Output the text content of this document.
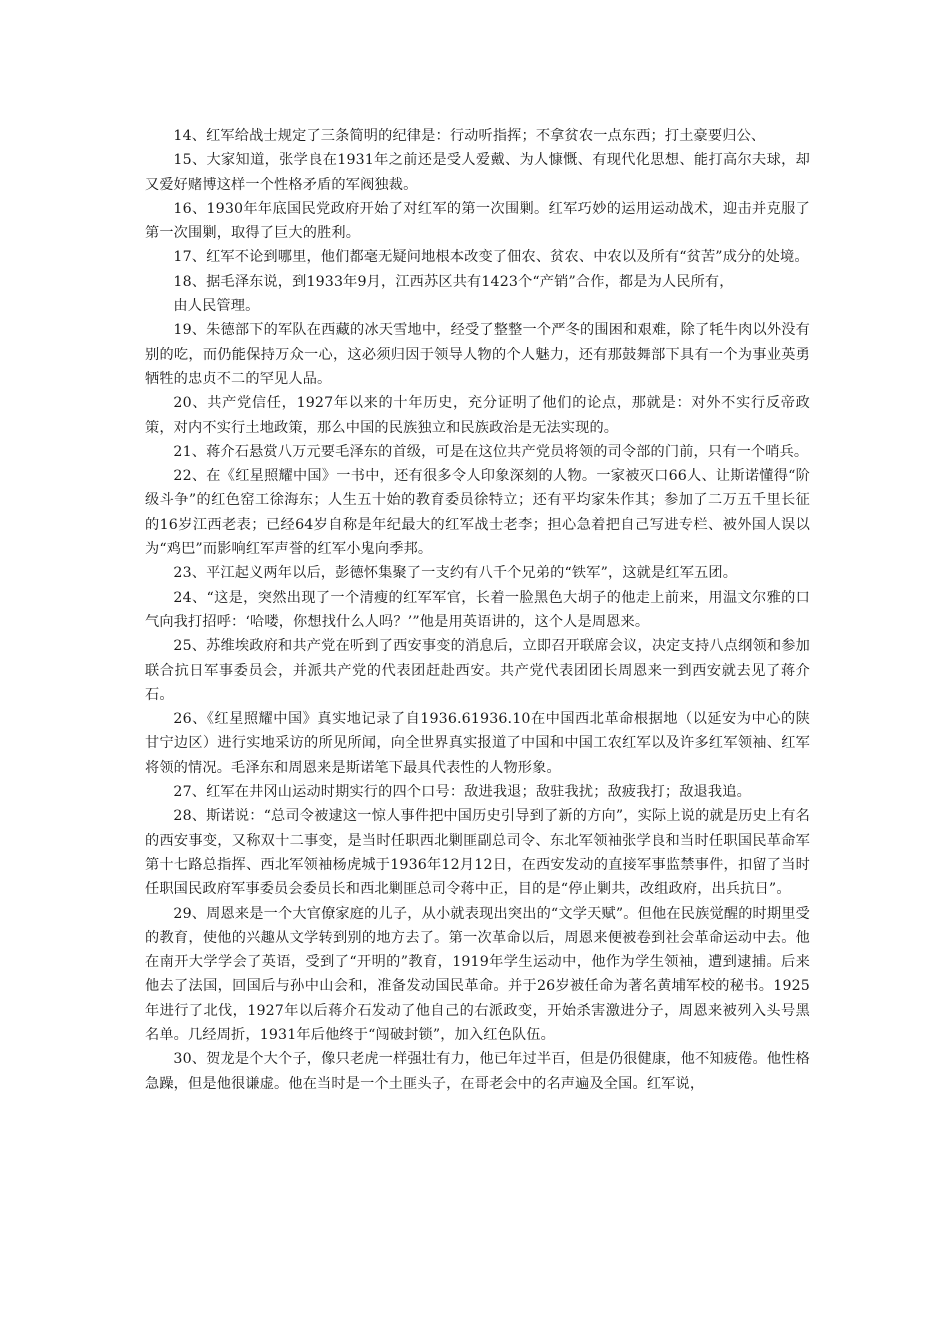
14、红军给战士规定了三条简明的纪律是：行动听指挥；不拿贫农一点东西；打土豪要归公、

15、大家知道，张学良在1931年之前还是受人爱戴、为人慷慨、有现代化思想、能打高尔夫球，却又爱好赌博这样一个性格矛盾的军阀独裁。

16、1930年年底国民党政府开始了对红军的第一次围剿。红军巧妙的运用运动战术，迎击并克服了第一次围剿，取得了巨大的胜利。

17、红军不论到哪里，他们都毫无疑问地根本改变了佃农、贫农、中农以及所有“贫苦”成分的处境。

18、据毛泽东说，到1933年9月，江西苏区共有1423个“产销”合作，都是为人民所有，

由人民管理。

19、朱德部下的军队在西藏的冰天雪地中，经受了整整一个严冬的围困和艰难，除了牦牛肉以外没有别的吃，而仍能保持万众一心，这必须归因于领导人物的个人魅力，还有那鼓舞部下具有一个为事业英勇牺牲的忠贞不二的罕见人品。

20、共产党信任，1927年以来的十年历史，充分证明了他们的论点，那就是：对外不实行反帝政策，对内不实行土地政策，那么中国的民族独立和民族政治是无法实现的。

21、蒋介石悬赏八万元要毛泽东的首级，可是在这位共产党员将领的司令部的门前，只有一个哨兵。

22、在《红星照耀中国》一书中，还有很多令人印象深刻的人物。一家被灭口66人、让斯诺懂得“阶级斗争”的红色窑工徐海东；人生五十始的教育委员徐特立；还有平均家朱作其；参加了二万五千里长征的16岁江西老表；已经64岁自称是年纪最大的红军战士老李；担心急着把自己写进专栏、被外国人误以为“鸡巴”而影响红军声誉的红军小鬼向季邦。

23、平江起义两年以后，彭德怀集聚了一支约有八千个兄弟的“铁军”，这就是红军五团。

24、“这是，突然出现了一个清瘦的红军军官，长着一脸黑色大胡子的他走上前来，用温文尔雅的口气向我打招呼：‘哈喽，你想找什么人吗？’”他是用英语讲的，这个人是周恩来。

25、苏维埃政府和共产党在听到了西安事变的消息后，立即召开联席会议，决定支持八点纲领和参加联合抗日军事委员会，并派共产党的代表团赶赴西安。共产党代表团团长周恩来一到西安就去见了蒋介石。

26、《红星照耀中国》真实地记录了自1936.61936.10在中国西北革命根据地（以延安为中心的陕甘宁边区）进行实地采访的所见所闻，向全世界真实报道了中国和中国工农红军以及许多红军领袖、红军将领的情况。毛泽东和周恩来是斯诺笔下最具代表性的人物形象。

27、红军在井冈山运动时期实行的四个口号：敌进我退；敌驻我扰；敌疲我打；敌退我追。

28、斯诺说：“总司令被逮这一惊人事件把中国历史引导到了新的方向”，实际上说的就是历史上有名的西安事变，又称双十二事变，是当时任职西北剿匪副总司令、东北军领袖张学良和当时任职国民革命军第十七路总指挥、西北军领袖杨虎城于1936年12月12日，在西安发动的直接军事监禁事件，扣留了当时任职国民政府军事委员会委员长和西北剿匪总司令蒋中正，目的是“停止剿共，改组政府，出兵抗日”。

29、周恩来是一个大官僚家庭的儿子，从小就表现出突出的“文学天赋”。但他在民族觉醒的时期里受的教育，使他的兴趣从文学转到别的地方去了。第一次革命以后，周恩来便被卷到社会革命运动中去。他在南开大学学会了英语，受到了“开明的”教育，1919年学生运动中，他作为学生领袖，遭到逮捕。后来他去了法国，回国后与孙中山会和，准备发动国民革命。并于26岁被任命为著名黄埔军校的秘书。1925年进行了北伐，1927年以后蒋介石发动了他自己的右派政变，开始杀害激进分子，周恩来被列入头号黑名单。几经周折，1931年后他终于“闯破封锁”，加入红色队伍。

30、贺龙是个大个子，像只老虎一样强壮有力，他已年过半百，但是仍很健康，他不知疲倦。他性格急躁，但是他很谦虚。他在当时是一个土匪头子，在哥老会中的名声遍及全国。红军说，
